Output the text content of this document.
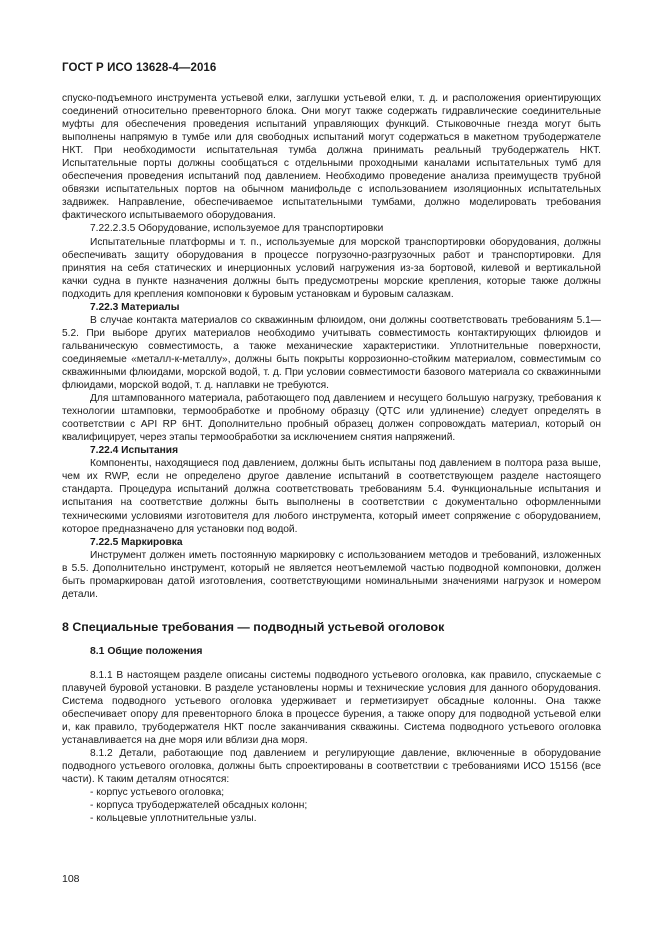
ГОСТ Р ИСО 13628-4—2016

спуско-подъемного инструмента устьевой елки, заглушки устьевой елки, т. д. и расположения ориентирующих соединений относительно превенторного блока. Они могут также содержать гидравлические соединительные муфты для обеспечения проведения испытаний управляющих функций. Стыковочные гнезда могут быть выполнены напрямую в тумбе или для свободных испытаний могут содержаться в макетном трубодержателе НКТ. При необходимости испытательная тумба должна принимать реальный трубодержатель НКТ. Испытательные порты должны сообщаться с отдельными проходными каналами испытательных тумб для обеспечения проведения испытаний под давлением. Необходимо проведение анализа преимуществ трубной обвязки испытательных портов на обычном манифольде с использованием изоляционных испытательных задвижек. Направление, обеспечиваемое испытательными тумбами, должно моделировать требования фактического испытываемого оборудования.

7.22.2.3.5 Оборудование, используемое для транспортировки

Испытательные платформы и т. п., используемые для морской транспортировки оборудования, должны обеспечивать защиту оборудования в процессе погрузочно-разгрузочных работ и транспортировки. Для принятия на себя статических и инерционных условий нагружения из-за бортовой, килевой и вертикальной качки судна в пункте назначения должны быть предусмотрены морские крепления, которые также должны подходить для крепления компоновки к буровым установкам и буровым салазкам.

7.22.3 Материалы

В случае контакта материалов со скважинным флюидом, они должны соответствовать требованиям 5.1—5.2. При выборе других материалов необходимо учитывать совместимость контактирующих флюидов и гальваническую совместимость, а также механические характеристики. Уплотнительные поверхности, соединяемые «металл-к-металлу», должны быть покрыты коррозионно-стойким материалом, совместимым со скважинными флюидами, морской водой, т. д. При условии совместимости базового материала со скважинными флюидами, морской водой, т. д. наплавки не требуются.

Для штампованного материала, работающего под давлением и несущего большую нагрузку, требования к технологии штамповки, термообработке и пробному образцу (QTC или удлинение) следует определять в соответствии с API RP 6HT. Дополнительно пробный образец должен сопровождать материал, который он квалифицирует, через этапы термообработки за исключением снятия напряжений.

7.22.4 Испытания

Компоненты, находящиеся под давлением, должны быть испытаны под давлением в полтора раза выше, чем их RWP, если не определено другое давление испытаний в соответствующем разделе настоящего стандарта. Процедура испытаний должна соответствовать требованиям 5.4. Функциональные испытания и испытания на соответствие должны быть выполнены в соответствии с документально оформленными техническими условиями изготовителя для любого инструмента, который имеет сопряжение с оборудованием, которое предназначено для установки под водой.

7.22.5 Маркировка

Инструмент должен иметь постоянную маркировку с использованием методов и требований, изложенных в 5.5. Дополнительно инструмент, который не является неотъемлемой частью подводной компоновки, должен быть промаркирован датой изготовления, соответствующими номинальными значениями нагрузок и номером детали.

8 Специальные требования — подводный устьевой оголовок

8.1 Общие положения

8.1.1 В настоящем разделе описаны системы подводного устьевого оголовка, как правило, спускаемые с плавучей буровой установки. В разделе установлены нормы и технические условия для данного оборудования. Система подводного устьевого оголовка удерживает и герметизирует обсадные колонны. Она также обеспечивает опору для превенторного блока в процессе бурения, а также опору для подводной устьевой елки и, как правило, трубодержателя НКТ после заканчивания скважины. Система подводного устьевого оголовка устанавливается на дне моря или вблизи дна моря.

8.1.2 Детали, работающие под давлением и регулирующие давление, включенные в оборудование подводного устьевого оголовка, должны быть спроектированы в соответствии с требованиями ИСО 15156 (все части). К таким деталям относятся:

- корпус устьевого оголовка;

- корпуса трубодержателей обсадных колонн;

- кольцевые уплотнительные узлы.

108
